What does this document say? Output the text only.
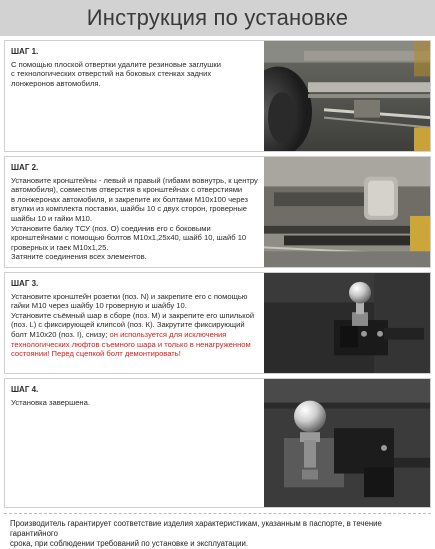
Инструкция по установке
ШАГ 1.
С помощью плоской отвертки удалите резиновые заглушки
с технологических отверстий на боковых стенках задних
лонжеронов автомобиля.
ШАГ 2.
Установите кронштейны - левый и правый (гибами вовнутрь, к центру
автомобиля), совместив отверстия в кронштейнах с отверстиями
в лонжеронах автомобиля, и закрепите их болтами М10х100 через
втулки из комплекта поставки, шайбы 10 с двух сторон, гроверные
шайбы 10 и гайки М10.
Установите балку ТСУ (поз. О) соединив его с боковыми
кронштейнами с помощью болтов М10х1,25х40, шайб 10, шайб 10
гроверных и гаек М10х1,25.
Затяните соединения всех элементов.
ШАГ 3.
Установите кронштейн розетки (поз. N) и закрепите его с помощью
гайки М10 через шайбу 10 гроверную и шайбу 10.
Установите съёмный шар в сборе (поз. М) и закрепите его шпилькой
(поз. L) с фиксирующей клипсой (поз. К). Закрутите фиксирующий
болт М10х20 (поз. I), снизу; он используется для исключения
технологических люфтов съемного шара и только в ненагруженном
состоянии! Перед сцепкой болт демонтировать!
ШАГ 4.
Установка завершена.
Производитель гарантирует соответствие изделия характеристикам, указанным в паспорте, в течение гарантийного
срока, при соблюдении требований по установке и эксплуатации.
